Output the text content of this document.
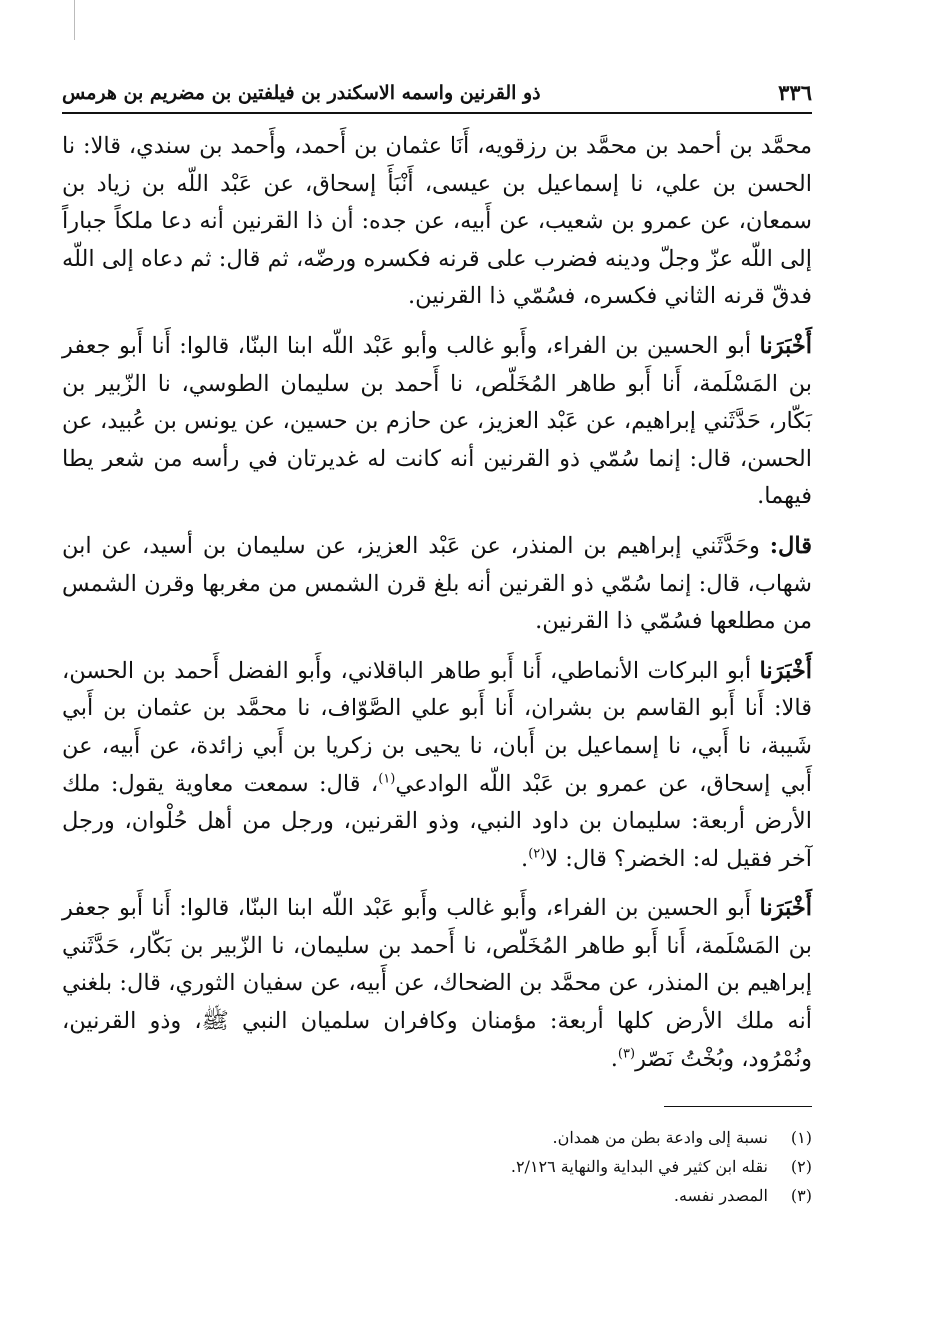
٣٣٦
ذو القرنين واسمه الاسكندر بن فيلفتين بن مضريم بن هرمس

محمَّد بن أحمد بن محمَّد بن رزقويه، أَنَا عثمان بن أَحمد، وأَحمد بن سندي، قالا: نا الحسن بن علي، نا إسماعيل بن عيسى، أَنْبَأَ إسحاق، عن عَبْد اللّه بن زياد بن سمعان، عن عمرو بن شعيب، عن أَبيه، عن جده: أن ذا القرنين أنه دعا ملكاً جباراً إلى اللّه عزّ وجلّ ودينه فضرب على قرنه فكسره ورضّه، ثم قال: ثم دعاه إلى اللّه فدقّ قرنه الثاني فكسره، فسُمّي ذا القرنين.

أَخْبَرَنا أبو الحسين بن الفراء، وأَبو غالب وأبو عَبْد اللّه ابنا البنّا، قالوا: أَنا أَبو جعفر بن المَسْلَمة، أَنا أَبو طاهر المُخَلّص، نا أَحمد بن سليمان الطوسي، نا الزّبير بن بَكّار، حَدَّثَني إبراهيم، عن عَبْد العزيز، عن حازم بن حسين، عن يونس بن عُبيد، عن الحسن، قال: إنما سُمّي ذو القرنين أنه كانت له غديرتان في رأسه من شعر يطا فيهما.

قال: وحَدَّثَني إبراهيم بن المنذر، عن عَبْد العزيز، عن سليمان بن أسيد، عن ابن شهاب، قال: إنما سُمّي ذو القرنين أنه بلغ قرن الشمس من مغربها وقرن الشمس من مطلعها فسُمّي ذا القرنين.

أَخْبَرَنا أبو البركات الأنماطي، أَنا أَبو طاهر الباقلاني، وأَبو الفضل أَحمد بن الحسن، قالا: أَنا أَبو القاسم بن بشران، أَنا أَبو علي الصَّوّاف، نا محمَّد بن عثمان بن أَبي شَيبة، نا أَبي، نا إسماعيل بن أَبان، نا يحيى بن زكريا بن أَبي زائدة، عن أَبيه، عن أَبي إسحاق، عن عمرو بن عَبْد اللّه الوادعي$^{(١)}$، قال: سمعت معاوية يقول: ملك الأرض أربعة: سليمان بن داود النبي، وذو القرنين، ورجل من أهل حُلْوان، ورجل آخر فقيل له: الخضر؟ قال: لا$^{(٢)}$.

أَخْبَرَنا أَبو الحسين بن الفراء، وأَبو غالب وأَبو عَبْد اللّه ابنا البنّا، قالوا: أَنا أَبو جعفر بن المَسْلَمة، أَنا أَبو طاهر المُخَلّص، نا أَحمد بن سليمان، نا الزّبير بن بَكّار، حَدَّثَني إبراهيم بن المنذر، عن محمَّد بن الضحاك، عن أَبيه، عن سفيان الثوري، قال: بلغني أنه ملك الأرض كلها أربعة: مؤمنان وكافران سلميان النبي ﷺ، وذو القرنين، ونُمْرُود، وبُخْتُ نَصّر$^{(٣)}$.

(١)
نسبة إلى وادعة بطن من همدان.
(٢)
نقله ابن كثير في البداية والنهاية ٢/١٢٦.
(٣)
المصدر نفسه.
